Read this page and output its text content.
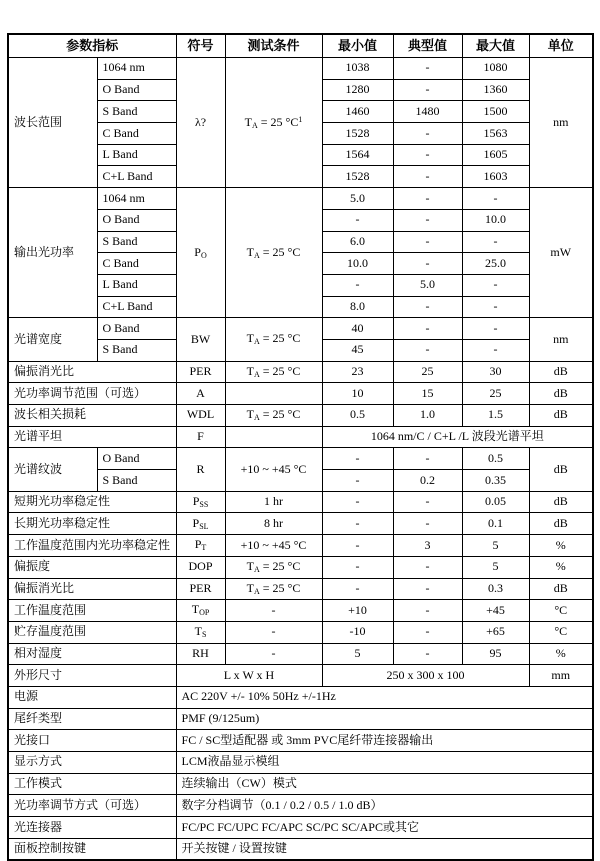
参数指标		符号	测试条件	最小值	典型值	最大值	单位
波长范围	1064 nm	λ?	$T_A = 25$ $^\circ C^1$	1038	-	1080	nm
	O Band			1280	-	1360	
	S Band			1460	1480	1500	
	C Band			1528	-	1563	
	L Band			1564	-	1605	
	C+L Band			1528	-	1603	
输出光功率	1064 nm	$P_O$	$T_A = 25$ °C	5.0	-	-	mW
	O Band			-	-	10.0	
	S Band			6.0	-	-	
	C Band			10.0	-	25.0	
	L Band			-	5.0	-	
	C+L Band			8.0	-	-	
光谱宽度	O Band	BW	$T_A = 25$ °C	40	-	-	nm
	S Band			45	-	-	
偏振消光比		PER	$T_A = 25$ °C	23	25	30	dB
光功率调节范围（可选）		A		10	15	25	dB
波长相关损耗		WDL	$T_A = 25$ °C	0.5	1.0	1.5	dB
光谱平坦		F		1064 nm/C / C+L /L 波段光谱平坦			
光谱纹波	O Band	R	+10 ~ +45 °C	-	-	0.5	dB
	S Band			-	0.2	0.35	
短期光功率稳定性		$P_{SS}$	1 hr	-	-	0.05	dB
长期光功率稳定性		$P_{SL}$	8 hr	-	-	0.1	dB
工作温度范围内光功率稳定性		$P_T$	+10 ~ +45 °C	-	3	5	%
偏振度		DOP	$T_A = 25$ °C	-	-	5	%
偏振消光比		PER	$T_A = 25$ °C	-	-	0.3	dB
工作温度范围		$T_{OP}$	-	+10	-	+45	°C
贮存温度范围		$T_S$	-	-10	-	+65	°C
相对湿度		RH	-	5	-	95	%
外形尺寸		L x W x H		250 x 300 x 100			mm
电源		AC 220V +/- 10% 50Hz +/-1Hz					
尾纤类型		PMF (9/125um)					
光接口		FC / SC型适配器 或 3mm PVC尾纤带连接器输出					
显示方式		LCM液晶显示模组					
工作模式		连续输出（CW）模式					
光功率调节方式（可选）		数字分档调节（0.1 / 0.2 / 0.5 / 1.0 dB）					
光连接器		FC/PC FC/UPC FC/APC SC/PC SC/APC或其它					
面板控制按键		开关按键 / 设置按键					
